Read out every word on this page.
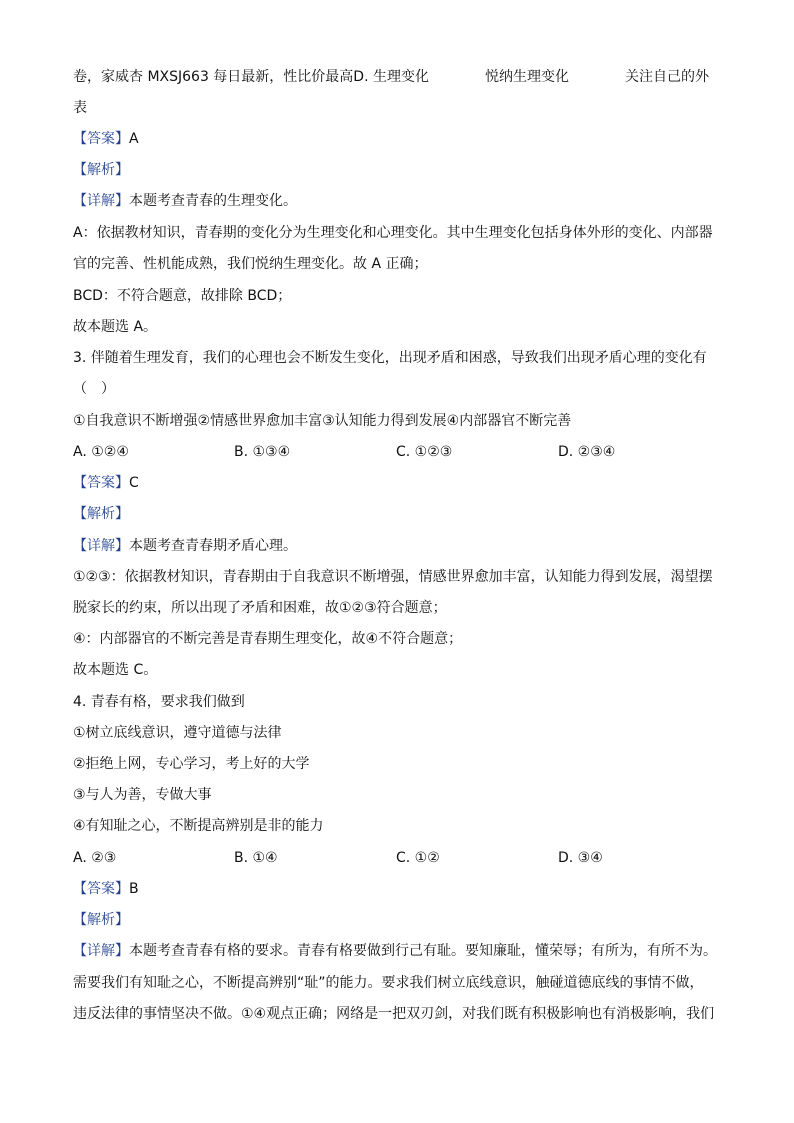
卷，家威杏 MXSJ663 每日最新，性比价最高D. 生理变化	悦纳生理变化	关注自己的外
表
【答案】A
【解析】
【详解】本题考查青春的生理变化。
A：依据教材知识，青春期的变化分为生理变化和心理变化。其中生理变化包括身体外形的变化、内部器
官的完善、性机能成熟，我们悦纳生理变化。故 A 正确；
BCD：不符合题意，故排除 BCD；
故本题选 A。
3. 伴随着生理发育，我们的心理也会不断发生变化，出现矛盾和困惑，导致我们出现矛盾心理的变化有
（　）
①自我意识不断增强②情感世界愈加丰富③认知能力得到发展④内部器官不断完善
A. ①②④	B. ①③④	C. ①②③	D. ②③④
【答案】C
【解析】
【详解】本题考查青春期矛盾心理。
①②③：依据教材知识，青春期由于自我意识不断增强，情感世界愈加丰富，认知能力得到发展，渴望摆
脱家长的约束，所以出现了矛盾和困难，故①②③符合题意；
④：内部器官的不断完善是青春期生理变化，故④不符合题意；
故本题选 C。
4. 青春有格，要求我们做到
①树立底线意识，遵守道德与法律
②拒绝上网，专心学习，考上好的大学
③与人为善，专做大事
④有知耻之心，不断提高辨别是非的能力
A. ②③	B. ①④	C. ①②	D. ③④
【答案】B
【解析】
【详解】本题考查青春有格的要求。青春有格要做到行己有耻。要知廉耻，懂荣辱；有所为，有所不为。
需要我们有知耻之心，不断提高辨别“耻”的能力。要求我们树立底线意识，触碰道德底线的事情不做，
违反法律的事情坚决不做。①④观点正确；网络是一把双刃剑，对我们既有积极影响也有消极影响，我们
